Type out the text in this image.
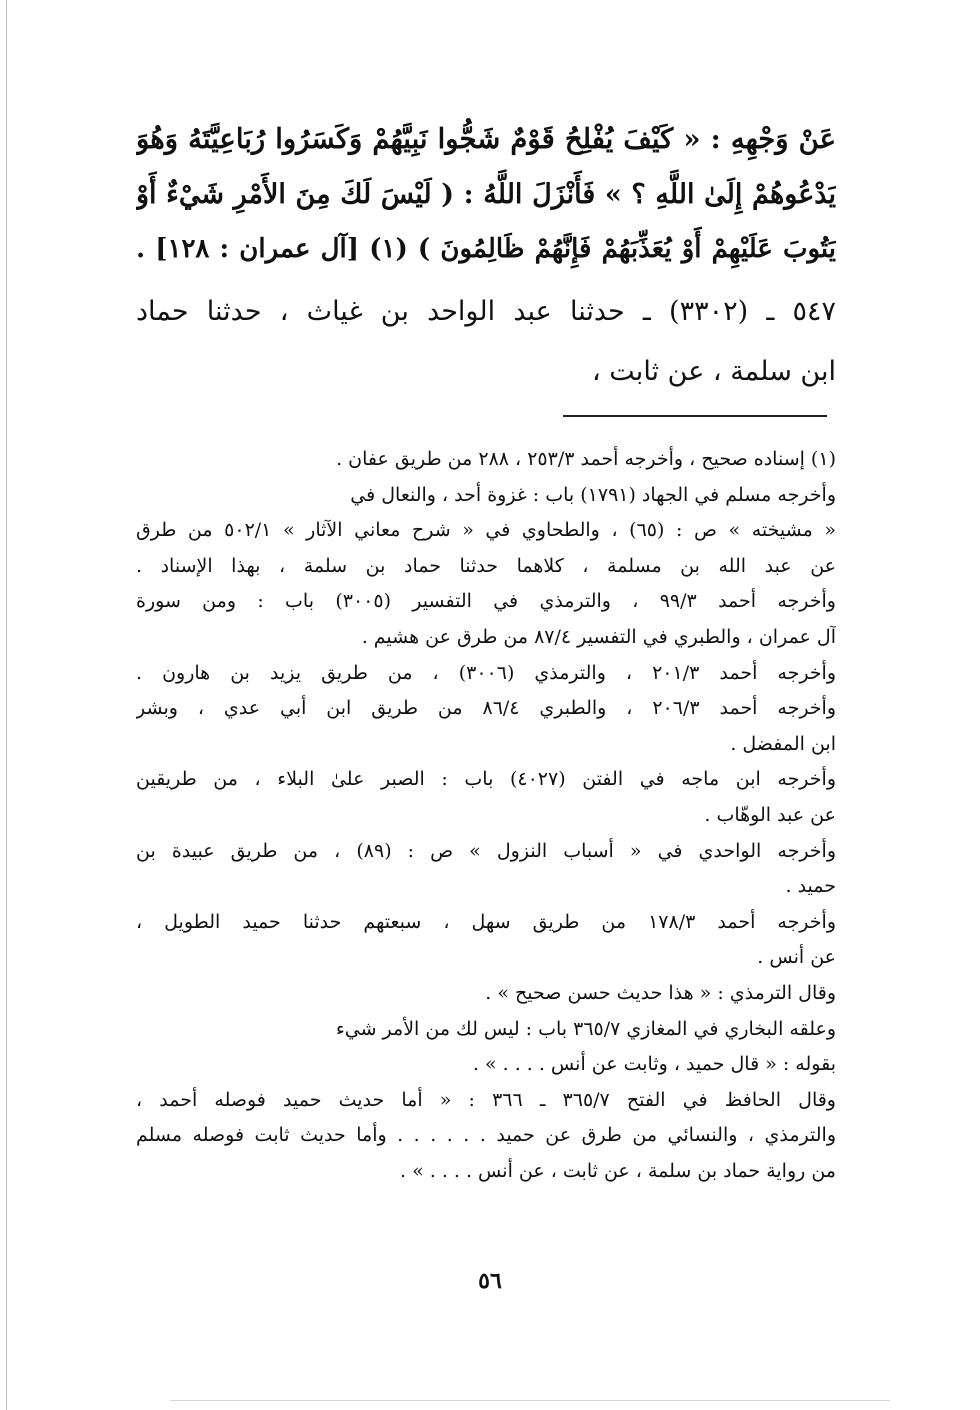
عَنْ وَجْهِهِ : « كَيْفَ يُفْلِحُ قَوْمٌ شَجُّوا نَبِيَّهُمْ وَكَسَرُوا رُبَاعِيَّتَهُ وَهُوَ
يَدْعُوهُمْ إِلَىٰ اللَّهِ ؟ » فَأَنْزَلَ اللَّهُ : ( لَيْسَ لَكَ مِنَ الأَمْرِ شَيْءٌ أَوْ
يَتُوبَ عَلَيْهِمْ أَوْ يُعَذِّبَهُمْ فَإِنَّهُمْ ظَالِمُونَ ) (١) [آل عمران : ١٢٨] .
٥٤٧ ـ (٣٣٠٢) ـ حدثنا عبد الواحد بن غياث ، حدثنا حماد
ابن سلمة ، عن ثابت ،
(١) إسناده صحيح ، وأخرجه أحمد ٢٥٣/٣ ، ٢٨٨ من طريق عفان .
وأخرجه مسلم في الجهاد (١٧٩١) باب : غزوة أحد ، والنعال في
« مشيخته » ص : (٦٥) ، والطحاوي في « شرح معاني الآثار » ٥٠٢/١ من طرق
عن عبد الله بن مسلمة ، كلاهما حدثنا حماد بن سلمة ، بهذا الإسناد .
وأخرجه أحمد ٩٩/٣ ، والترمذي في التفسير (٣٠٠٥) باب : ومن سورة
آل عمران ، والطبري في التفسير ٨٧/٤ من طرق عن هشيم .
وأخرجه أحمد ٢٠١/٣ ، والترمذي (٣٠٠٦) ، من طريق يزيد بن هارون .
وأخرجه أحمد ٢٠٦/٣ ، والطبري ٨٦/٤ من طريق ابن أبي عدي ، وبشر
ابن المفضل .
وأخرجه ابن ماجه في الفتن (٤٠٢٧) باب : الصبر علىٰ البلاء ، من طريقين
عن عبد الوهّاب .
وأخرجه الواحدي في « أسباب النزول » ص : (٨٩) ، من طريق عبيدة بن
حميد .
وأخرجه أحمد ١٧٨/٣ من طريق سهل ، سبعتهم حدثنا حميد الطويل ،
عن أنس .
وقال الترمذي : « هذا حديث حسن صحيح » .
وعلقه البخاري في المغازي ٣٦٥/٧ باب : ليس لك من الأمر شيء
بقوله : « قال حميد ، وثابت عن أنس . . . . » .
وقال الحافظ في الفتح ٣٦٥/٧ ـ ٣٦٦ : « أما حديث حميد فوصله أحمد ،
والترمذي ، والنسائي من طرق عن حميد . . . . . . وأما حديث ثابت فوصله مسلم
من رواية حماد بن سلمة ، عن ثابت ، عن أنس . . . . » .
٥٦
